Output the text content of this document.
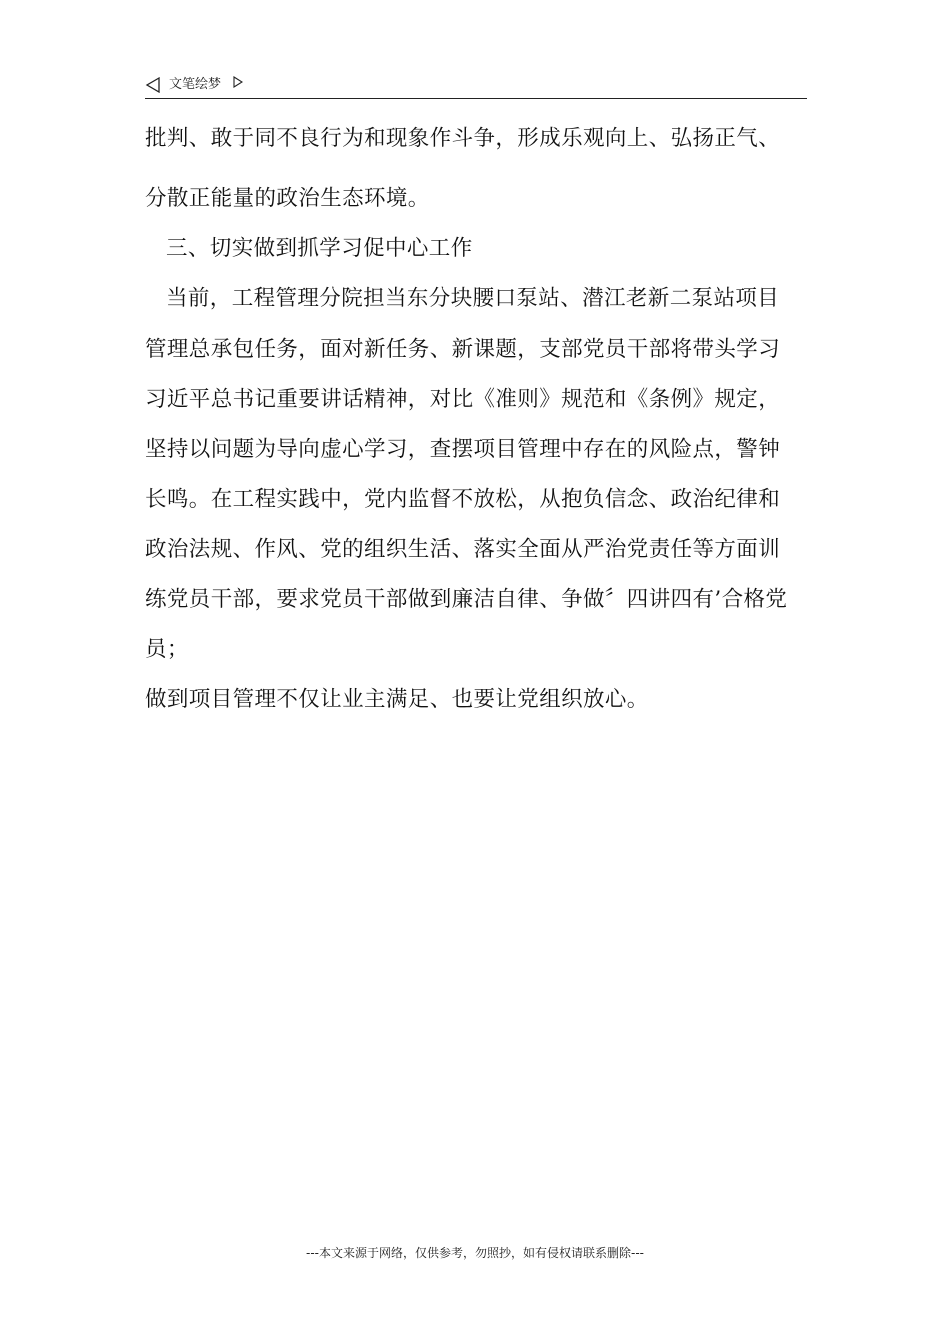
文笔绘梦
批判、敢于同不良行为和现象作斗争，形成乐观向上、弘扬正气、
分散正能量的政治生态环境。
三、切实做到抓学习促中心工作
当前，工程管理分院担当东分块腰口泵站、潜江老新二泵站项目
管理总承包任务，面对新任务、新课题，支部党员干部将带头学习
习近平总书记重要讲话精神，对比《准则》规范和《条例》规定，
坚持以问题为导向虚心学习，查摆项目管理中存在的风险点，警钟
长鸣。在工程实践中，党内监督不放松，从抱负信念、政治纪律和
政治法规、作风、党的组织生活、落实全面从严治党责任等方面训
练党员干部，要求党员干部做到廉洁自律、争做〞四讲四有’合格党
员；
做到项目管理不仅让业主满足、也要让党组织放心。
---本文来源于网络，仅供参考，勿照抄，如有侵权请联系删除---
